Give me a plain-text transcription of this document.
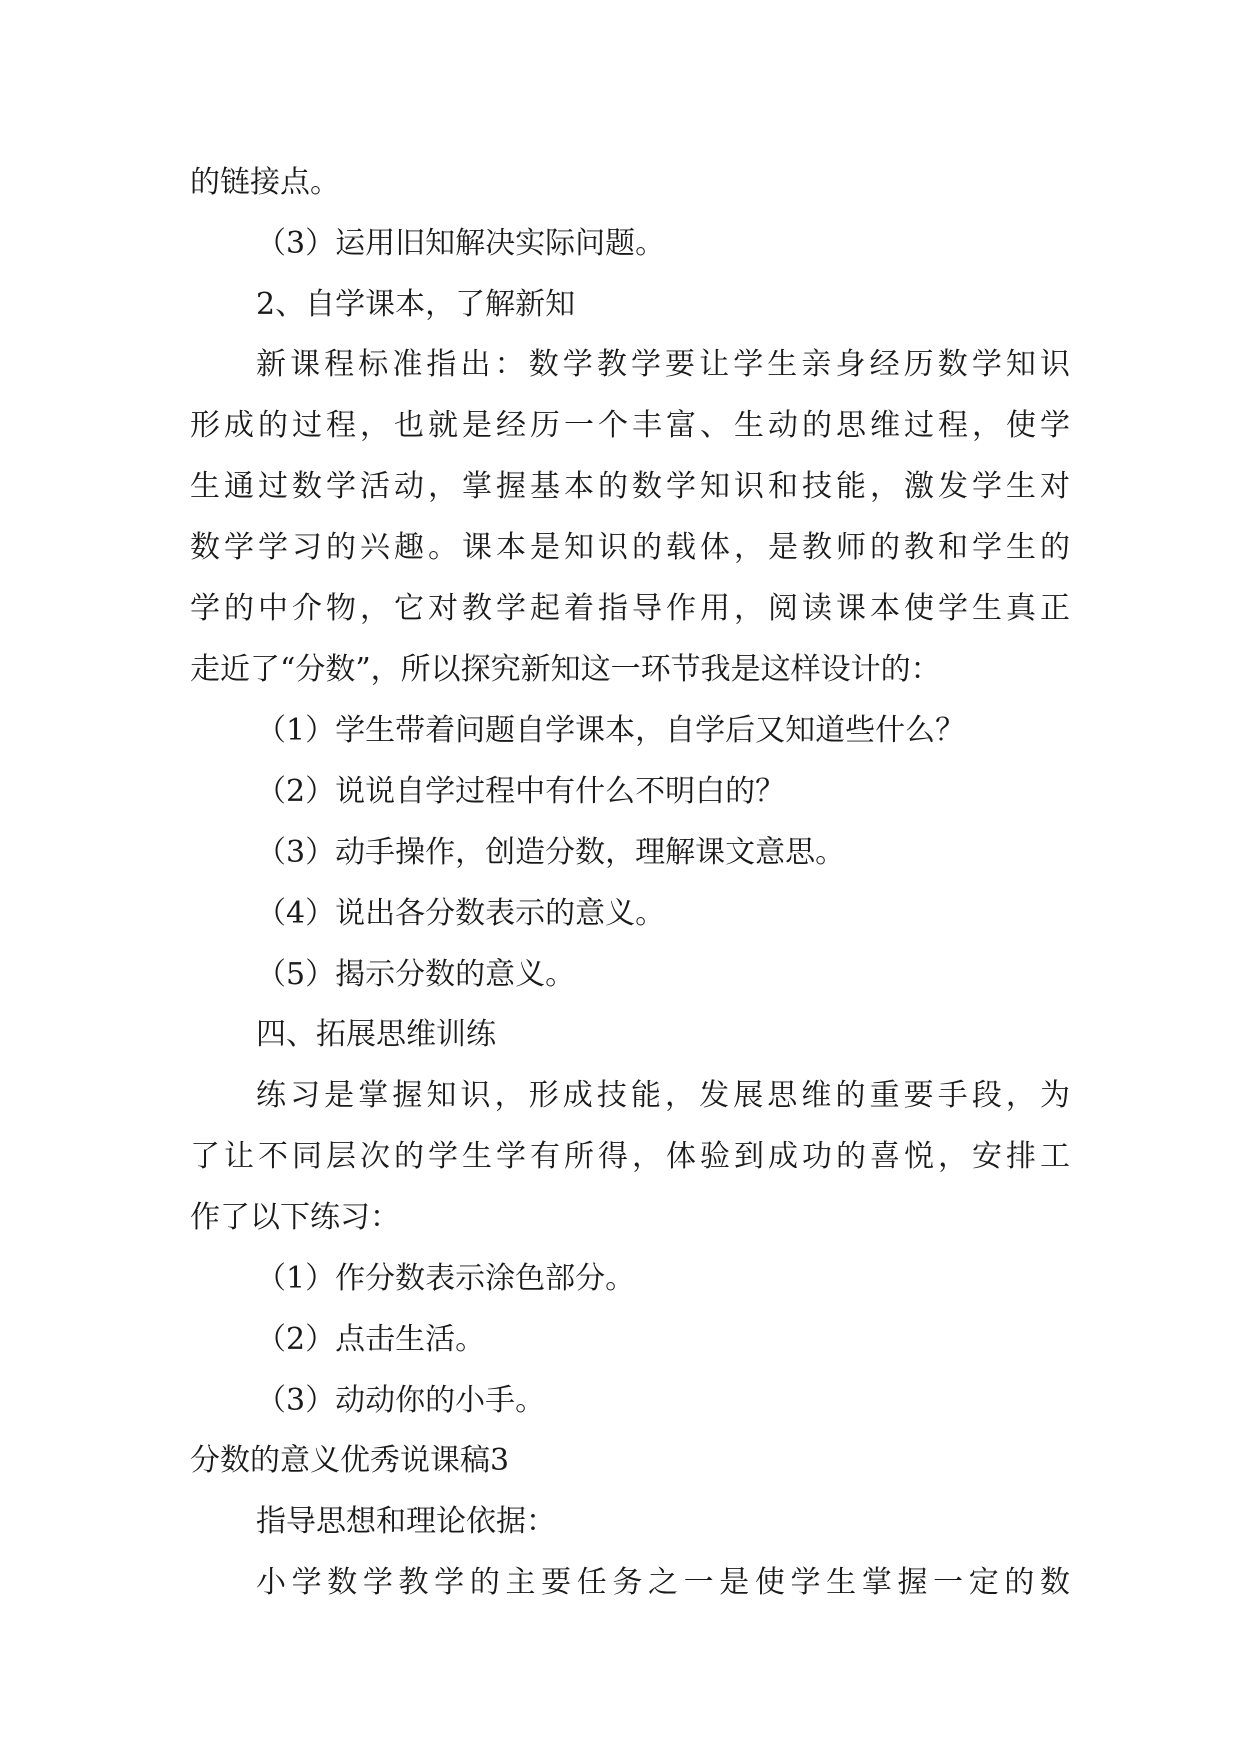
的链接点。
（3）运用旧知解决实际问题。
2、自学课本，了解新知
新课程标准指出：数学教学要让学生亲身经历数学知识
形成的过程，也就是经历一个丰富、生动的思维过程，使学
生通过数学活动，掌握基本的数学知识和技能，激发学生对
数学学习的兴趣。课本是知识的载体，是教师的教和学生的
学的中介物，它对教学起着指导作用，阅读课本使学生真正
走近了“分数”，所以探究新知这一环节我是这样设计的：
（1）学生带着问题自学课本，自学后又知道些什么？
（2）说说自学过程中有什么不明白的？
（3）动手操作，创造分数，理解课文意思。
（4）说出各分数表示的意义。
（5）揭示分数的意义。
四、拓展思维训练
练习是掌握知识，形成技能，发展思维的重要手段，为
了让不同层次的学生学有所得，体验到成功的喜悦，安排工
作了以下练习：
（1）作分数表示涂色部分。
（2）点击生活。
（3）动动你的小手。
分数的意义优秀说课稿3
指导思想和理论依据：
小学数学教学的主要任务之一是使学生掌握一定的数
